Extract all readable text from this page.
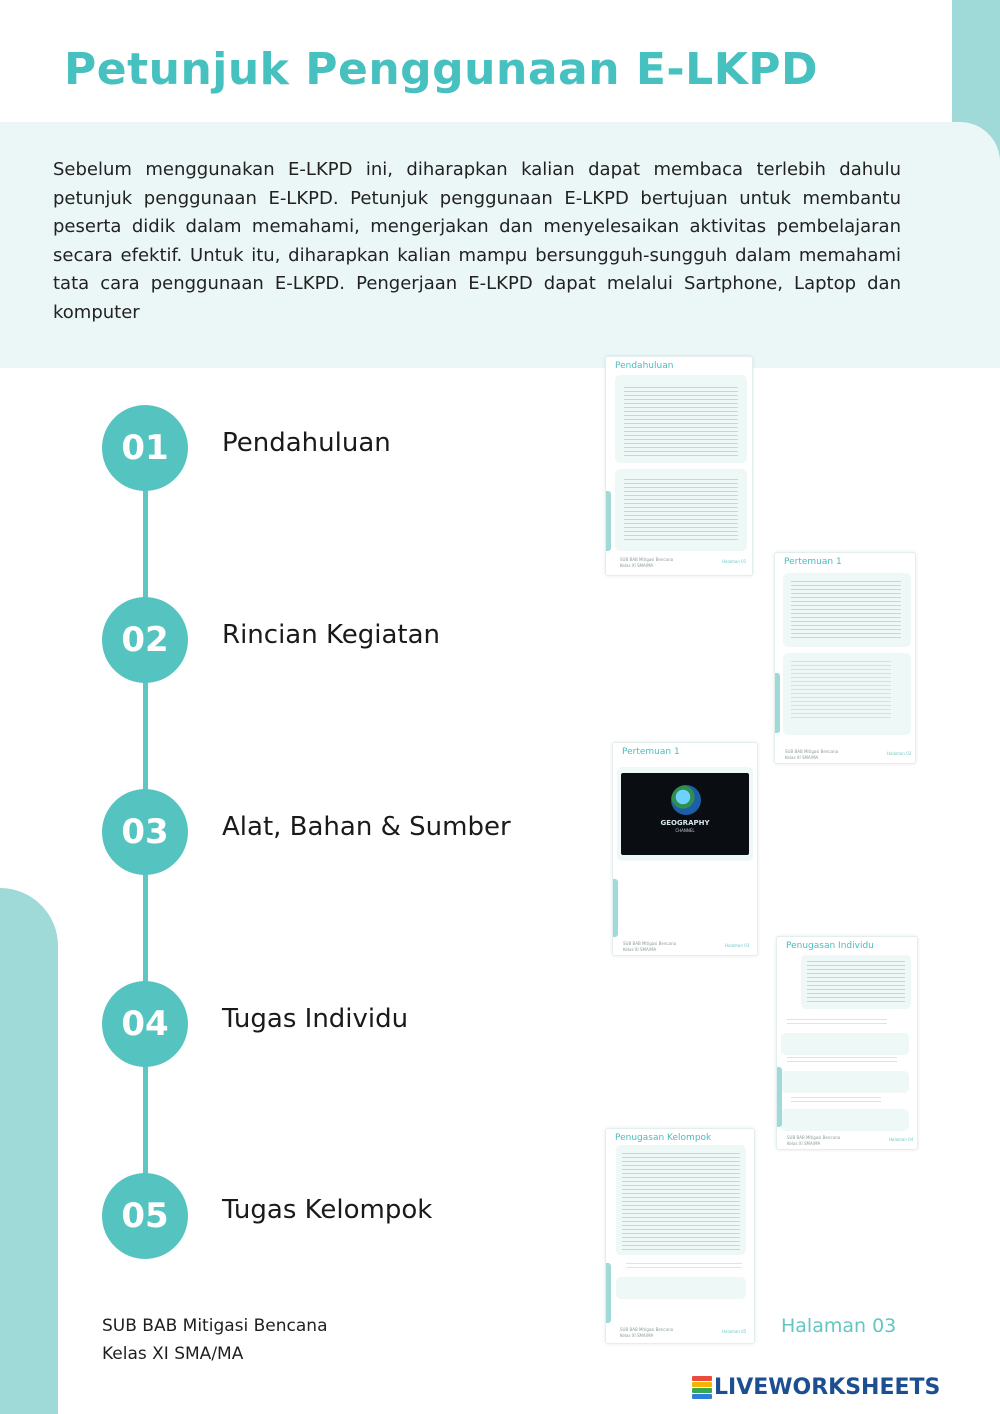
Petunjuk Penggunaan E-LKPD

Sebelum menggunakan E-LKPD ini, diharapkan kalian dapat membaca terlebih dahulu petunjuk penggunaan E-LKPD. Petunjuk penggunaan E-LKPD bertujuan untuk membantu peserta didik dalam memahami, mengerjakan dan menyelesaikan aktivitas pembelajaran secara efektif. Untuk itu, diharapkan kalian mampu bersungguh-sungguh dalam memahami tata cara penggunaan E-LKPD. Pengerjaan E-LKPD dapat melalui Sartphone, Laptop dan komputer

01	Pendahuluan
02	Rincian Kegiatan
03	Alat, Bahan & Sumber
04	Tugas Individu
05	Tugas Kelompok
Pendahuluan
SUB BAB Mitigasi Bencana
Kelas XI SMA/MA
Halaman 01	Pertemuan 1
SUB BAB Mitigasi Bencana
Kelas XI SMA/MA
Halaman 02
Pertemuan 1
GEOGRAPHY
CHANNEL
SUB BAB Mitigasi Bencana
Kelas XI SMA/MA
Halaman 03	Penugasan Individu
SUB BAB Mitigasi Bencana
Kelas XI SMA/MA
Halaman 04
Penugasan Kelompok
SUB BAB Mitigasi Bencana
Kelas XI SMA/MA
Halaman 05
SUB BAB Mitigasi Bencana
Kelas XI SMA/MA
Halaman 03
LIVEWORKSHEETS
